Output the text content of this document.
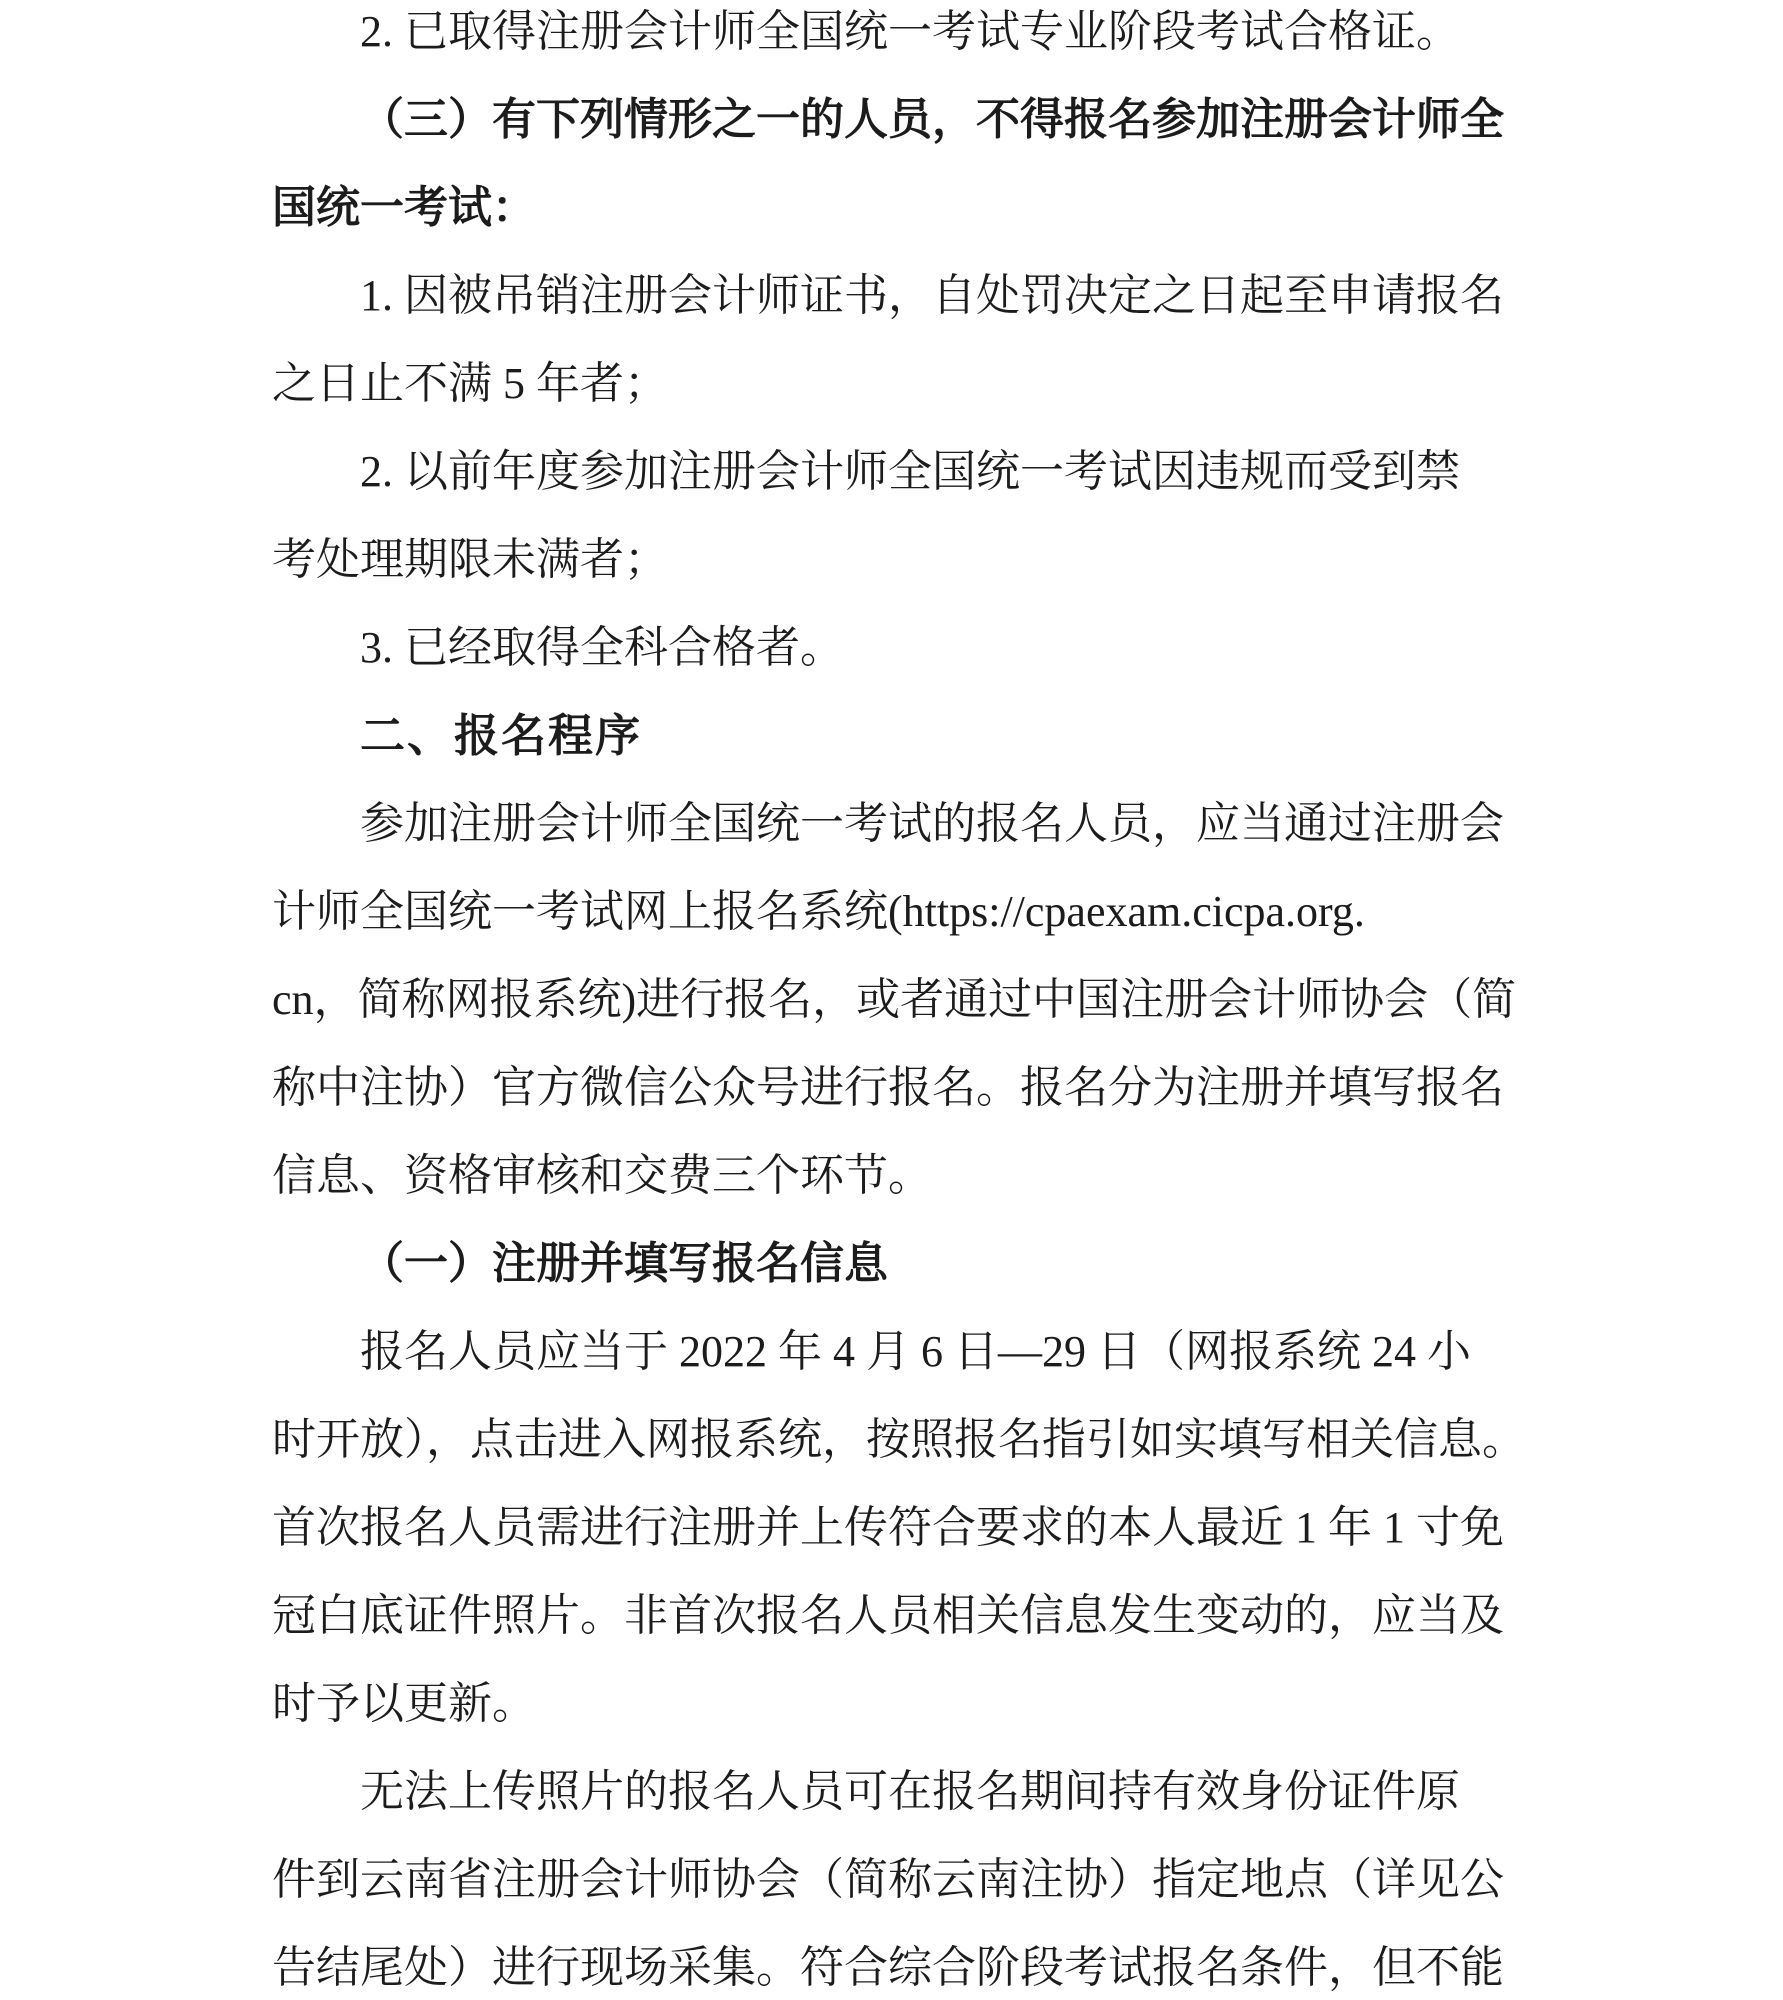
2. 已取得注册会计师全国统一考试专业阶段考试合格证。
（三）有下列情形之一的人员，不得报名参加注册会计师全
国统一考试：
1. 因被吊销注册会计师证书，自处罚决定之日起至申请报名
之日止不满 5 年者；
2. 以前年度参加注册会计师全国统一考试因违规而受到禁
考处理期限未满者；
3. 已经取得全科合格者。
二、报名程序
参加注册会计师全国统一考试的报名人员，应当通过注册会
计师全国统一考试网上报名系统(https://cpaexam.cicpa.org.
cn，简称网报系统)进行报名，或者通过中国注册会计师协会（简
称中注协）官方微信公众号进行报名。报名分为注册并填写报名
信息、资格审核和交费三个环节。
（一）注册并填写报名信息
报名人员应当于 2022 年 4 月 6 日—29 日（网报系统 24 小
时开放），点击进入网报系统，按照报名指引如实填写相关信息。
首次报名人员需进行注册并上传符合要求的本人最近 1 年 1 寸免
冠白底证件照片。非首次报名人员相关信息发生变动的，应当及
时予以更新。
无法上传照片的报名人员可在报名期间持有效身份证件原
件到云南省注册会计师协会（简称云南注协）指定地点（详见公
告结尾处）进行现场采集。符合综合阶段考试报名条件，但不能
